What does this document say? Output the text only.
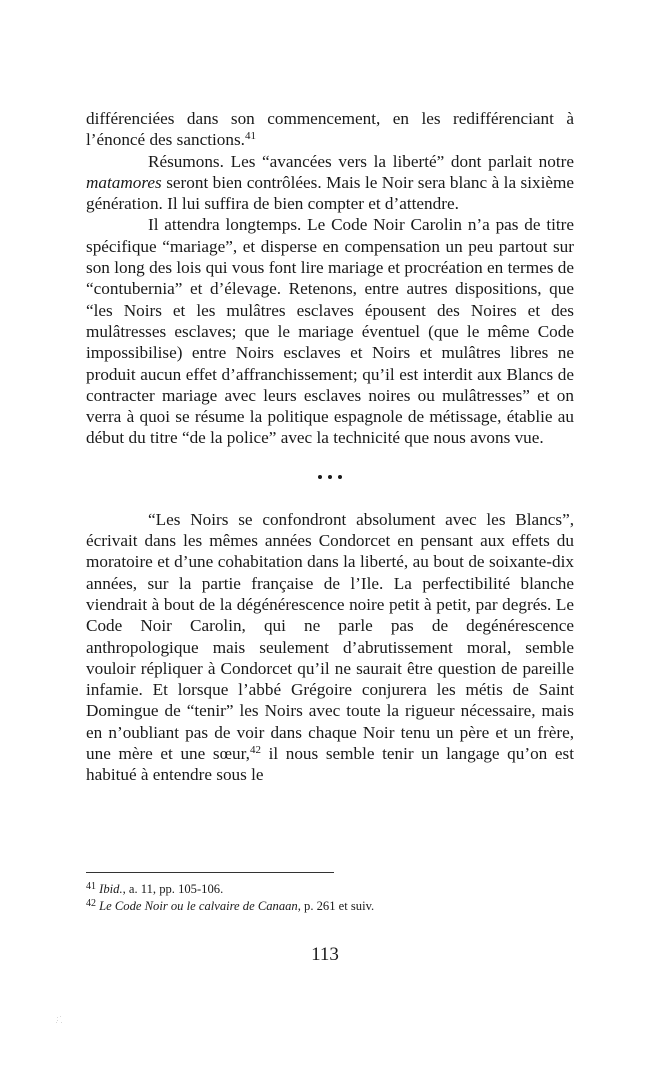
différenciées dans son commencement, en les redifférenciant à l’énoncé des sanctions.$^{41}$

Résumons. Les “avancées vers la liberté” dont parlait notre matamores seront bien contrôlées. Mais le Noir sera blanc à la sixième génération. Il lui suffira de bien compter et d’attendre.

Il attendra longtemps. Le Code Noir Carolin n’a pas de titre spécifique “mariage”, et disperse en compensation un peu partout sur son long des lois qui vous font lire mariage et procréation en termes de “contubernia” et d’élevage. Retenons, entre autres dispositions, que “les Noirs et les mulâtres esclaves épousent des Noires et des mulâtresses esclaves; que le mariage éventuel (que le même Code impossibilise) entre Noirs esclaves et Noirs et mulâtres libres ne produit aucun effet d’affranchissement; qu’il est interdit aux Blancs de contracter mariage avec leurs esclaves noires ou mulâtresses” et on verra à quoi se résume la politique espagnole de métissage, établie au début du titre “de la police” avec la technicité que nous avons vue.

“Les Noirs se confondront absolument avec les Blancs”, écrivait dans les mêmes années Condorcet en pensant aux effets du moratoire et d’une cohabitation dans la liberté, au bout de soixante-dix années, sur la partie française de l’Ile. La perfectibilité blanche viendrait à bout de la dégénérescence noire petit à petit, par degrés. Le Code Noir Carolin, qui ne parle pas de degénérescence anthropologique mais seulement d’abrutissement moral, semble vouloir répliquer à Condorcet qu’il ne saurait être question de pareille infamie. Et lorsque l’abbé Grégoire conjurera les métis de Saint Domingue de “tenir” les Noirs avec toute la rigueur nécessaire, mais en n’oubliant pas de voir dans chaque Noir tenu un père et un frère, une mère et une sœur,$^{42}$ il nous semble tenir un langage qu’on est habitué à entendre sous le

$^{41}$ Ibid., a. 11, pp. 105-106.
$^{42}$ Le Code Noir ou le calvaire de Canaan, p. 261 et suiv.
113
